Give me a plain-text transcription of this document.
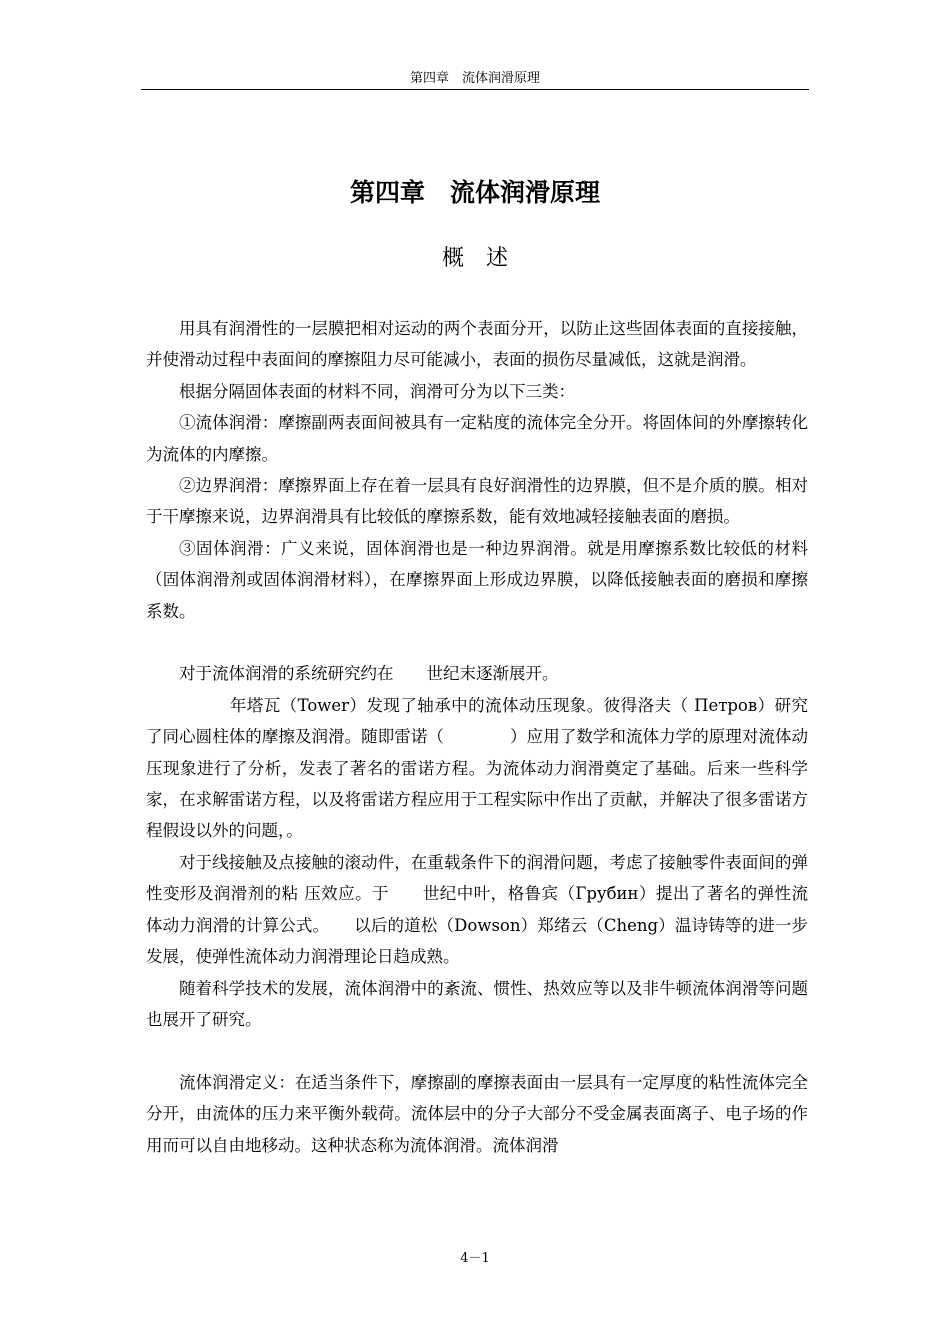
第四章　流体润滑原理
第四章　流体润滑原理
概　述

用具有润滑性的一层膜把相对运动的两个表面分开，以防止这些固体表面的直接接触，并使滑动过程中表面间的摩擦阻力尽可能减小，表面的损伤尽量减低，这就是润滑。

根据分隔固体表面的材料不同，润滑可分为以下三类：

①流体润滑：摩擦副两表面间被具有一定粘度的流体完全分开。将固体间的外摩擦转化为流体的内摩擦。

②边界润滑：摩擦界面上存在着一层具有良好润滑性的边界膜，但不是介质的膜。相对于干摩擦来说，边界润滑具有比较低的摩擦系数，能有效地减轻接触表面的磨损。

③固体润滑：广义来说，固体润滑也是一种边界润滑。就是用摩擦系数比较低的材料（固体润滑剂或固体润滑材料），在摩擦界面上形成边界膜，以降低接触表面的磨损和摩擦系数。

对于流体润滑的系统研究约在　　世纪末逐渐展开。

　　　年塔瓦（Tower）发现了轴承中的流体动压现象。彼得洛夫（ Петров）研究了同心圆柱体的摩擦及润滑。随即雷诺（　　　　）应用了数学和流体力学的原理对流体动压现象进行了分析，发表了著名的雷诺方程。为流体动力润滑奠定了基础。后来一些科学家，在求解雷诺方程，以及将雷诺方程应用于工程实际中作出了贡献，并解决了很多雷诺方程假设以外的问题，。

对于线接触及点接触的滚动件，在重载条件下的润滑问题，考虑了接触零件表面间的弹性变形及润滑剂的粘 压效应。于　　世纪中叶，格鲁宾（Грубин）提出了著名的弹性流体动力润滑的计算公式。　　以后的道松（Dowson）郑绪云（Cheng）温诗铸等的进一步发展，使弹性流体动力润滑理论日趋成熟。

随着科学技术的发展，流体润滑中的紊流、惯性、热效应等以及非牛顿流体润滑等问题也展开了研究。

流体润滑定义：在适当条件下，摩擦副的摩擦表面由一层具有一定厚度的粘性流体完全分开，由流体的压力来平衡外载荷。流体层中的分子大部分不受金属表面离子、电子场的作用而可以自由地移动。这种状态称为流体润滑。流体润滑

4－1
